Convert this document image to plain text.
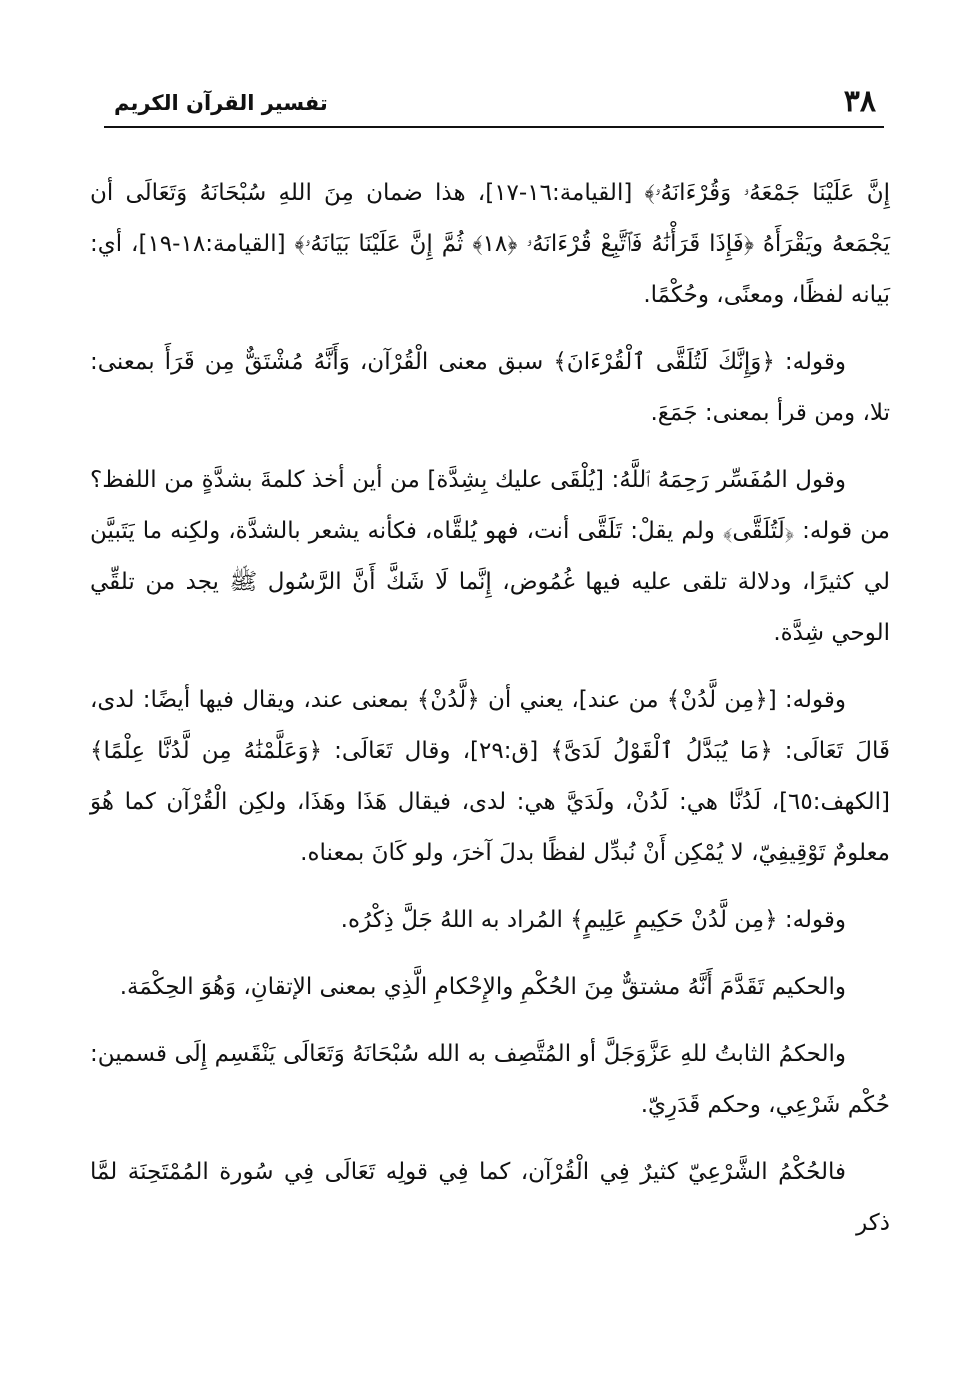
٣٨
تفسير القرآن الكريم

إِنَّ عَلَيْنَا جَمْعَهُۥ وَقُرْءَانَهُۥ﴾ [القيامة:١٦-١٧]، هذا ضمان مِنَ اللهِ سُبْحَانَهُ وَتَعَالَى أن يَجْمَعهُ ويَقْرَأَهُ ﴿فَإِذَا قَرَأْنَٰهُ فَٱتَّبِعْ قُرْءَانَهُۥ ﴿١٨﴾ ثُمَّ إِنَّ عَلَيْنَا بَيَانَهُۥ﴾ [القيامة:١٨-١٩]، أي: بَيانه لفظًا، ومعنًى، وحُكْمًا.

وقوله: ﴿وَإِنَّكَ لَتُلَقَّى ٱلْقُرْءَانَ﴾ سبق معنى الْقُرْآن، وَأَنَّهُ مُشْتَقٌّ مِن قَرَأَ بمعنى: تلا، ومن قرأ بمعنى: جَمَعَ.

وقول المُفَسِّر رَحِمَهُ ٱللَّهُ: [يُلْقَى عليك بِشِدَّة] من أين أخذ كلمةَ بشدَّةٍ من اللفظ؟ من قوله: ﴿لَتُلَقَّى﴾ ولم يقلْ: تَلَقَّى أنت، فهو يُلقَّاه، فكأنه يشعر بالشدَّة، ولكِنه ما يَتَبيَّن لي كثيرًا، ودلالة تلقى عليه فيها غُمُوض، إِنَّما لَا شَكَّ أَنَّ الرَّسُول ﷺ يجد من تلقِّي الوحي شِدَّة.

وقوله: [﴿مِن لَّدُنْ﴾ من عند]، يعني أن ﴿لَّدُنْ﴾ بمعنى عند، ويقال فيها أيضًا: لدى، قَالَ تَعَالَى: ﴿مَا يُبَدَّلُ ٱلْقَوْلُ لَدَىَّ﴾ [ق:٢٩]، وقال تَعَالَى: ﴿وَعَلَّمْنَٰهُ مِن لَّدُنَّا عِلْمًا﴾ [الكهف:٦٥]، لَدُنَّا هي: لَدُنْ، ولَدَيَّ هي: لدى، فيقال هَذَا وهَذَا، ولكِن الْقُرْآن كما هُوَ معلومٌ تَوْقِيفِيّ، لا يُمْكِن أَنْ نُبدِّل لفظًا بدلَ آخرَ، ولو كَانَ بمعناه.

وقوله: ﴿مِن لَّدُنْ حَكِيمٍ عَلِيمٍ﴾ المُراد به اللهُ جَلَّ ذِكْرُه.

والحكيم تَقَدَّمَ أَنَّهُ مشتقٌّ مِنَ الحُكْمِ والإِحْكامِ الَّذِي بمعنى الإتقانِ، وَهُوَ الحِكْمَة.

والحكمُ الثابتُ للهِ عَزَّوَجَلَّ أو المُتَّصِف به الله سُبْحَانَهُ وَتَعَالَى يَنْقَسِم إِلَى قسمين: حُكْم شَرْعِي، وحكم قَدَرِيّ.

فالحُكْمُ الشَّرْعِيّ كثيرٌ فِي الْقُرْآن، كما فِي قولِه تَعَالَى فِي سُورة المُمْتَحِنَة لمَّا ذكر
